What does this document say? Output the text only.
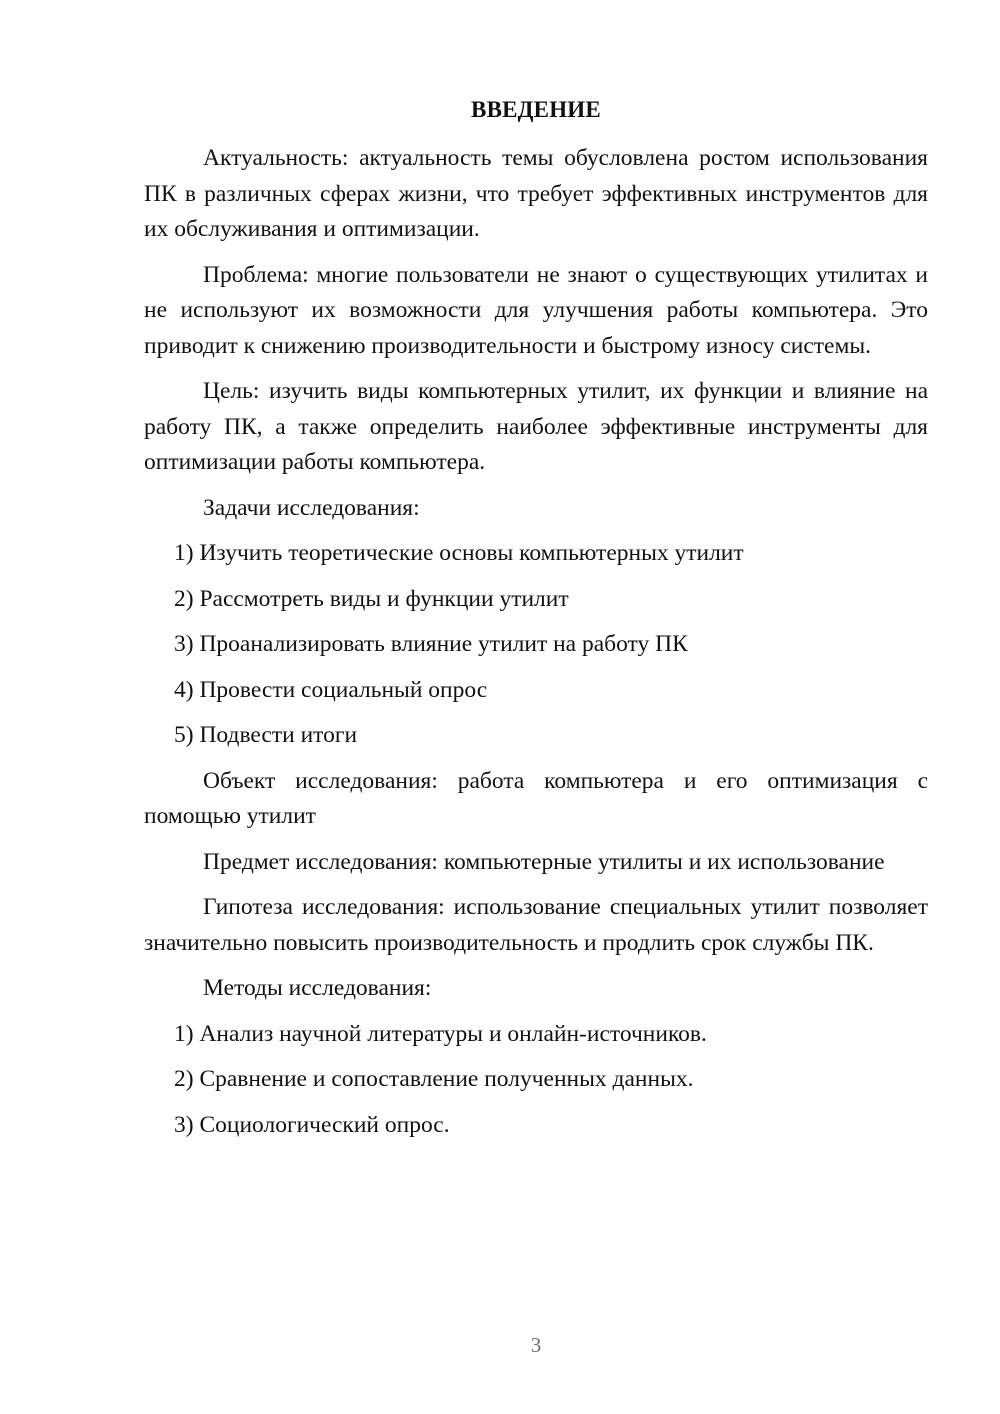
ВВЕДЕНИЕ

Актуальность: актуальность темы обусловлена ростом использования ПК в различных сферах жизни, что требует эффективных инструментов для их обслуживания и оптимизации.

Проблема: многие пользователи не знают о существующих утилитах и не используют их возможности для улучшения работы компьютера. Это приводит к снижению производительности и быстрому износу системы.

Цель: изучить виды компьютерных утилит, их функции и влияние на работу ПК, а также определить наиболее эффективные инструменты для оптимизации работы компьютера.

Задачи исследования:

1) Изучить теоретические основы компьютерных утилит

2) Рассмотреть виды и функции утилит

3) Проанализировать влияние утилит на работу ПК

4) Провести социальный опрос

5) Подвести итоги

Объект исследования: работа компьютера и его оптимизация с помощью утилит

Предмет исследования: компьютерные утилиты и их использование

Гипотеза исследования: использование специальных утилит позволяет значительно повысить производительность и продлить срок службы ПК.

Методы исследования:

1) Анализ научной литературы и онлайн-источников.

2) Сравнение и сопоставление полученных данных.

3) Социологический опрос.

3
